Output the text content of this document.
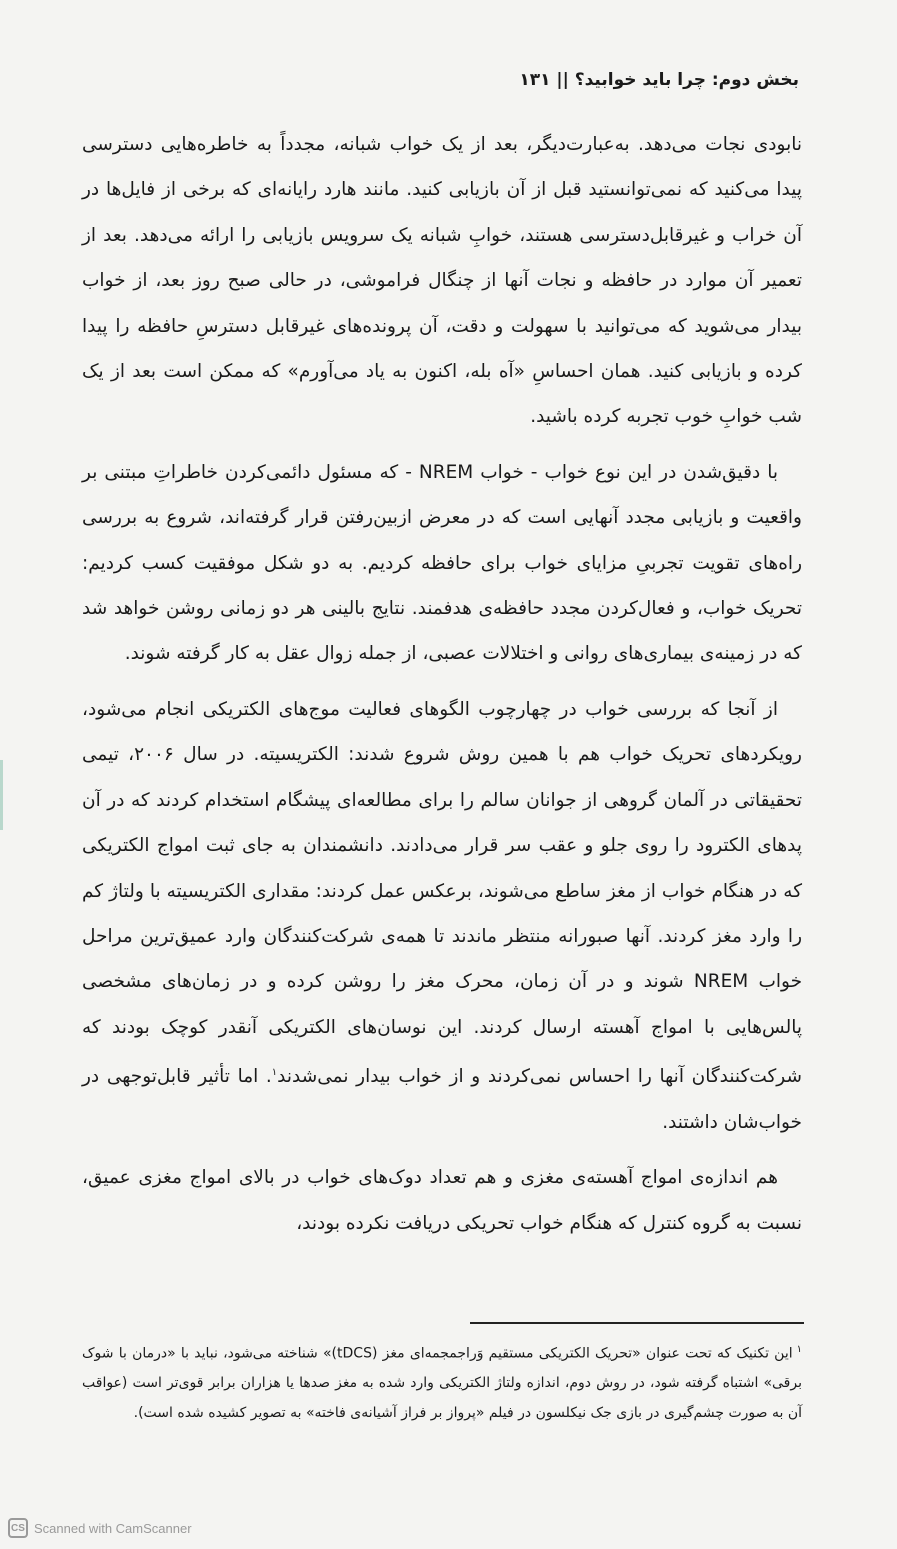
بخش دوم: چرا باید خوابید؟ || ۱۳۱

نابودی نجات می‌دهد. به‌عبارت‌دیگر، بعد از یک خواب شبانه، مجدداً به خاطره‌هایی دسترسی پیدا می‌کنید که نمی‌توانستید قبل از آن بازیابی کنید. مانند هارد رایانه‌ای که برخی از فایل‌ها در آن خراب و غیرقابل‌دسترسی هستند، خوابِ شبانه یک سرویس بازیابی را ارائه می‌دهد. بعد از تعمیر آن موارد در حافظه و نجات آنها از چنگال فراموشی، در حالی صبح روز بعد، از خواب بیدار می‌شوید که می‌توانید با سهولت و دقت، آن پرونده‌های غیرقابل دسترسِ حافظه را پیدا کرده و بازیابی کنید. همان احساسِ «آه بله، اکنون به یاد می‌آورم» که ممکن است بعد از یک شب خوابِ خوب تجربه کرده باشید.

با دقیق‌شدن در این نوع خواب - خواب NREM - که مسئول دائمی‌کردن خاطراتِ مبتنی بر واقعیت و بازیابی مجدد آنهایی است که در معرض ازبین‌رفتن قرار گرفته‌اند، شروع به بررسی راه‌های تقویت تجربیِ مزایای خواب برای حافظه کردیم. به دو شکل موفقیت کسب کردیم: تحریک خواب، و فعال‌کردن مجدد حافظه‌ی هدفمند. نتایج بالینی هر دو زمانی روشن خواهد شد که در زمینه‌ی بیماری‌های روانی و اختلالات عصبی، از جمله زوال عقل به کار گرفته شوند.

از آنجا که بررسی خواب در چهارچوب الگوهای فعالیت موج‌های الکتریکی انجام می‌شود، رویکردهای تحریک خواب هم با همین روش شروع شدند: الکتریسیته. در سال ۲۰۰۶، تیمی تحقیقاتی در آلمان گروهی از جوانان سالم را برای مطالعه‌ای پیشگام استخدام کردند که در آن پدهای الکترود را روی جلو و عقب سر قرار می‌دادند. دانشمندان به جای ثبت امواج الکتریکی که در هنگام خواب از مغز ساطع می‌شوند، برعکس عمل کردند: مقداری الکتریسیته با ولتاژ کم را وارد مغز کردند. آنها صبورانه منتظر ماندند تا همه‌ی شرکت‌کنندگان وارد عمیق‌ترین مراحل خواب NREM شوند و در آن زمان، محرک مغز را روشن کرده و در زمان‌های مشخصی پالس‌هایی با امواج آهسته ارسال کردند. این نوسان‌های الکتریکی آنقدر کوچک بودند که شرکت‌کنندگان آنها را احساس نمی‌کردند و از خواب بیدار نمی‌شدند$^۱$. اما تأثیر قابل‌توجهی در خواب‌شان داشتند.

هم اندازه‌ی امواج آهسته‌ی مغزی و هم تعداد دوک‌های خواب در بالای امواج مغزی عمیق، نسبت به گروه کنترل که هنگام خواب تحریکی دریافت نکرده بودند،

$^۱$این تکنیک که تحت عنوان «تحریک الکتریکی مستقیم وَراجمجمه‌ای مغز (tDCS)» شناخته می‌شود، نباید با «درمان با شوک برقی» اشتباه گرفته شود، در روش دوم، اندازه ولتاژ الکتریکی وارد شده به مغز صدها یا هزاران برابر قوی‌تر است (عواقب آن به صورت چشم‌گیری در بازی جک نیکلسون در فیلم «پرواز بر فراز آشیانه‌ی فاخته» به تصویر کشیده شده است).

CS Scanned with CamScanner
